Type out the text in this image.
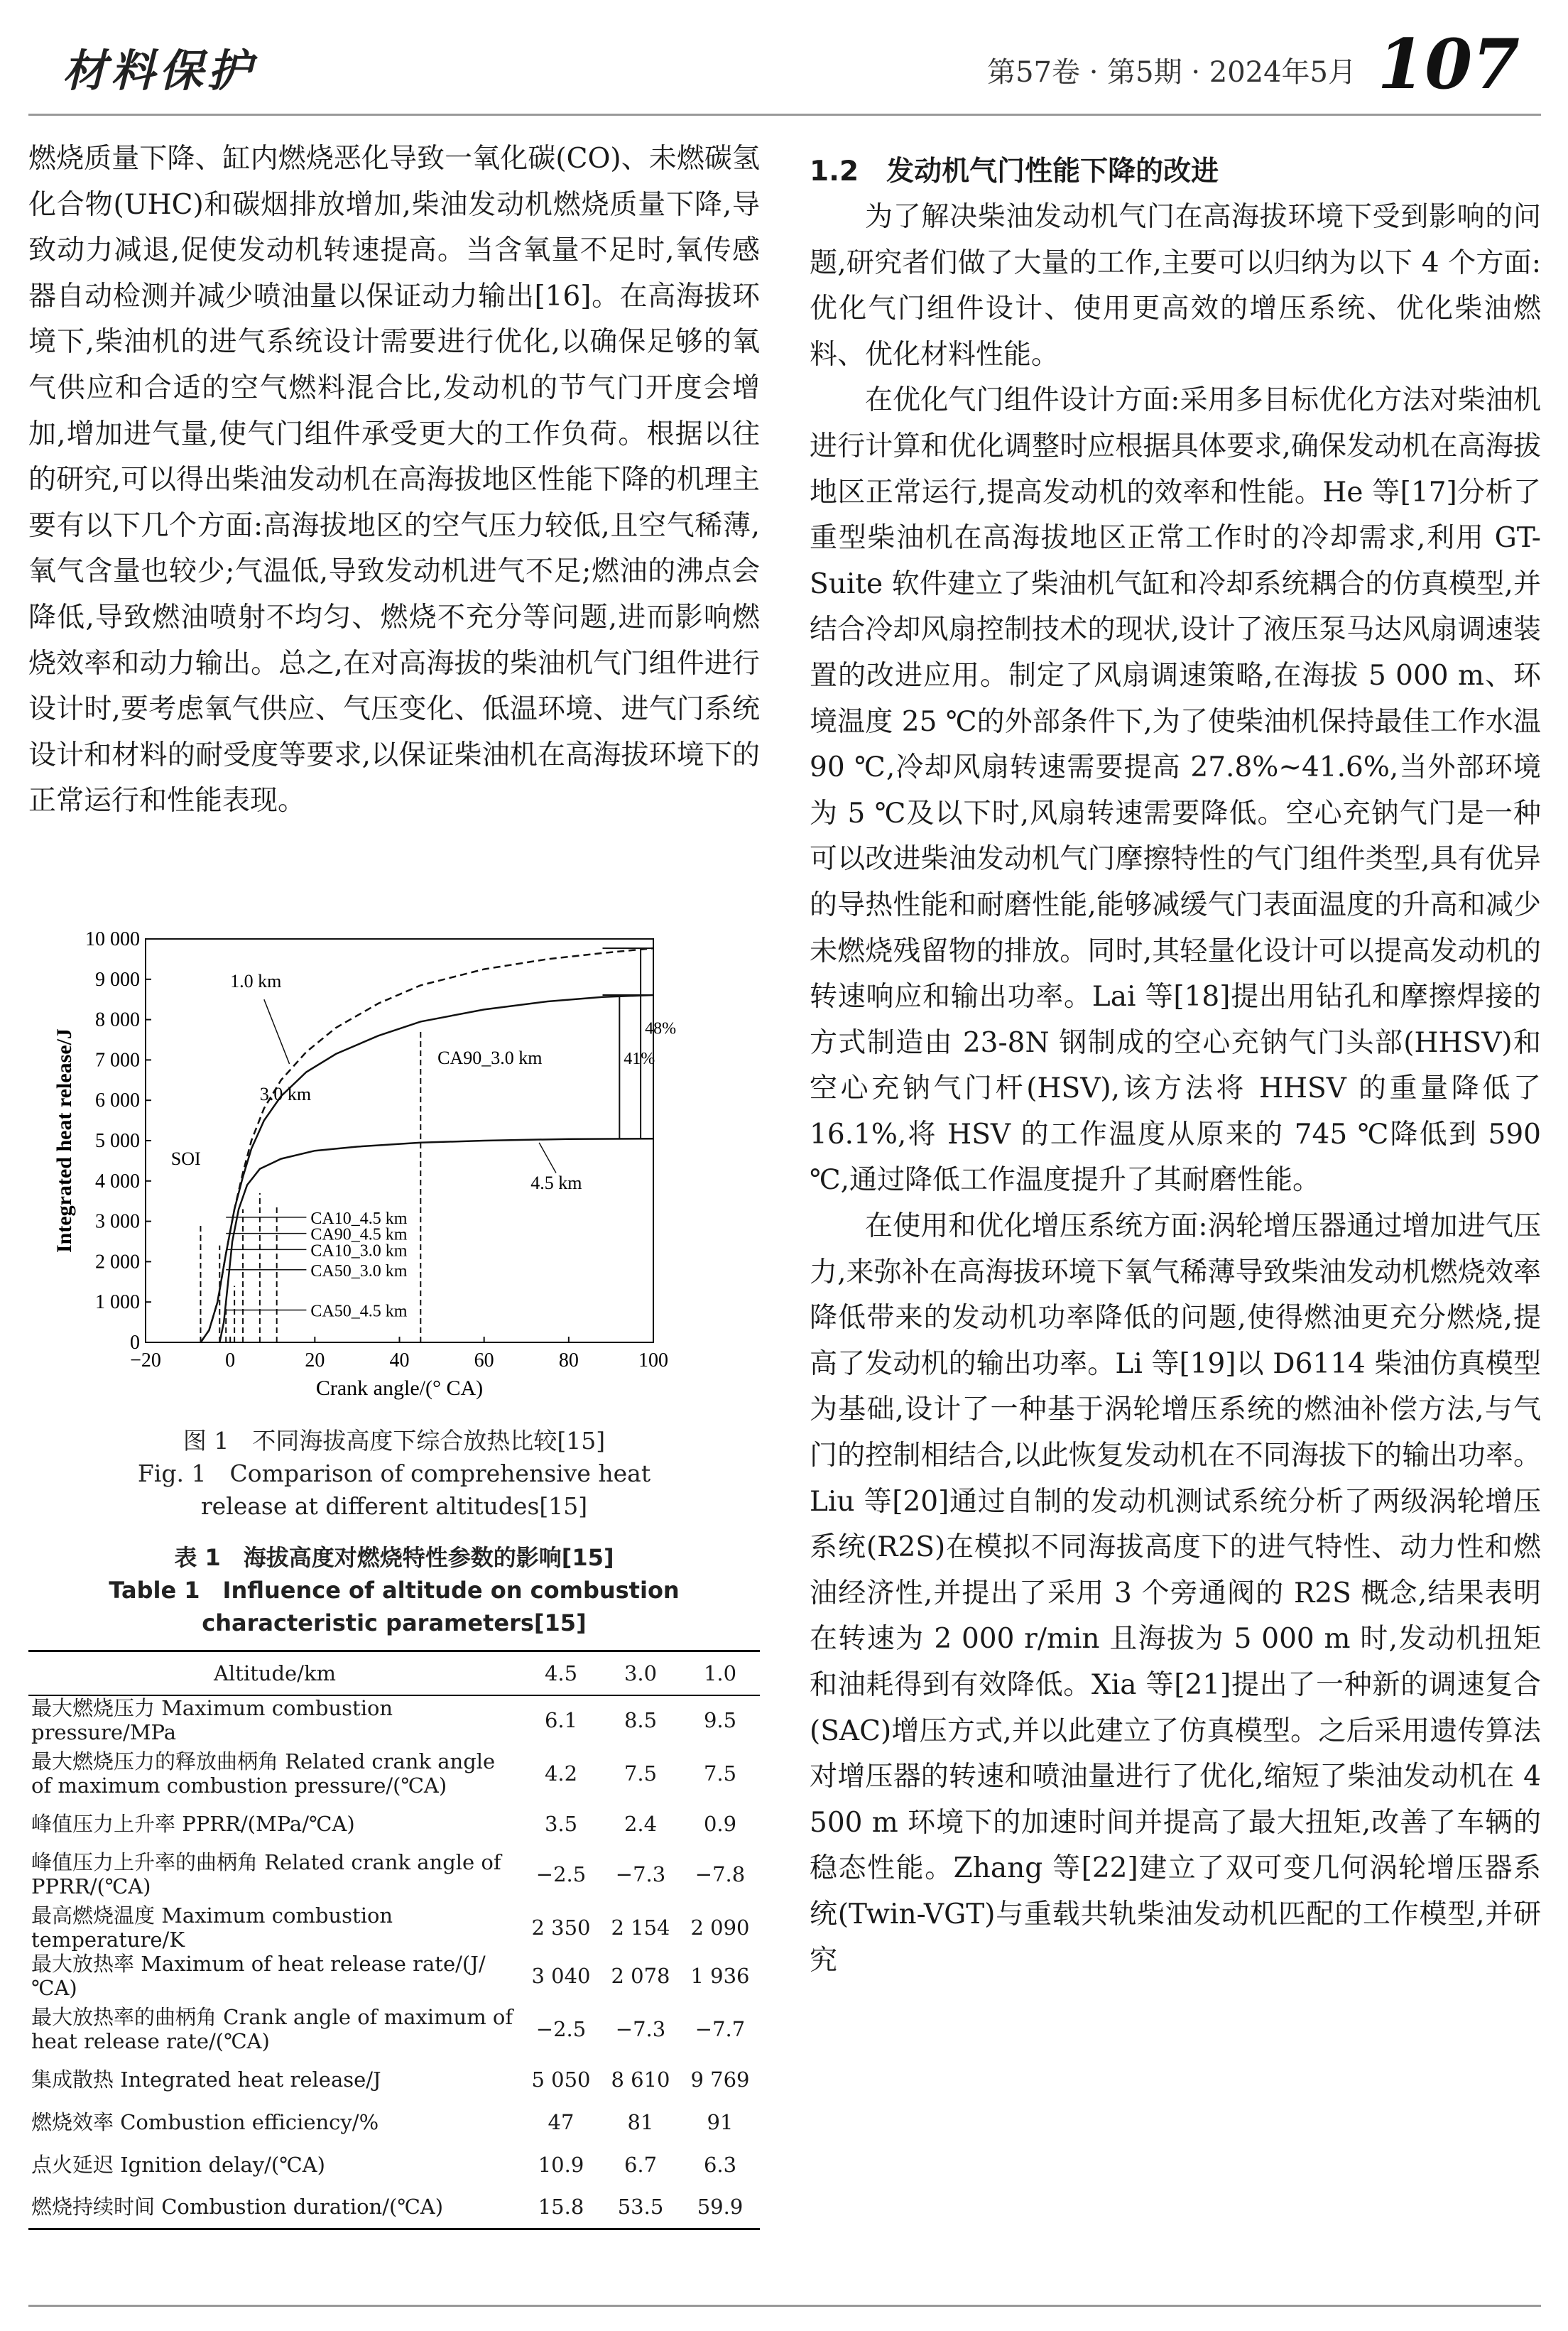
材料保护	第57卷 · 第5期 · 2024年5月 107

燃烧质量下降、缸内燃烧恶化导致一氧化碳(CO)、未燃碳氢化合物(UHC)和碳烟排放增加,柴油发动机燃烧质量下降,导致动力减退,促使发动机转速提高。当含氧量不足时,氧传感器自动检测并减少喷油量以保证动力输出[16]。在高海拔环境下,柴油机的进气系统设计需要进行优化,以确保足够的氧气供应和合适的空气燃料混合比,发动机的节气门开度会增加,增加进气量,使气门组件承受更大的工作负荷。根据以往的研究,可以得出柴油发动机在高海拔地区性能下降的机理主要有以下几个方面:高海拔地区的空气压力较低,且空气稀薄,氧气含量也较少;气温低,导致发动机进气不足;燃油的沸点会降低,导致燃油喷射不均匀、燃烧不充分等问题,进而影响燃烧效率和动力输出。总之,在对高海拔的柴油机气门组件进行设计时,要考虑氧气供应、气压变化、低温环境、进气门系统设计和材料的耐受度等要求,以保证柴油机在高海拔环境下的正常运行和性能表现。

0
1 000
2 000
3 000
4 000
5 000
6 000
7 000
8 000
9 000
10 000
−20	0	20	40	60	80	100
Crank angle/(° CA)
Integrated heat release/J	48%
41%
1.0 km
3.0 km
4.5 km
SOI
CA90_3.0 km
CA10_4.5 km
CA90_4.5 km
CA10_3.0 km
CA50_3.0 km
CA50_4.5 km
图 1　不同海拔高度下综合放热比较[15]
Fig. 1　Comparison of comprehensive heat
release at different altitudes[15]
表 1　海拔高度对燃烧特性参数的影响[15]
Table 1　Influence of altitude on combustion
characteristic parameters[15]
Altitude/km	4.5	3.0	1.0
最大燃烧压力 Maximum combustion pressure/MPa	6.1	8.5	9.5
最大燃烧压力的释放曲柄角 Related crank angle of maximum combustion pressure/(℃A)	4.2	7.5	7.5
峰值压力上升率 PPRR/(MPa/℃A)	3.5	2.4	0.9
峰值压力上升率的曲柄角 Related crank angle of PPRR/(℃A)	−2.5	−7.3	−7.8
最高燃烧温度 Maximum combustion temperature/K	2 350	2 154	2 090
最大放热率 Maximum of heat release rate/(J/℃A)	3 040	2 078	1 936
最大放热率的曲柄角 Crank angle of maximum of heat release rate/(℃A)	−2.5	−7.3	−7.7
集成散热 Integrated heat release/J	5 050	8 610	9 769
燃烧效率 Combustion efficiency/%	47	81	91
点火延迟 Ignition delay/(℃A)	10.9	6.7	6.3
燃烧持续时间 Combustion duration/(℃A)	15.8	53.5	59.9

1.2　发动机气门性能下降的改进

为了解决柴油发动机气门在高海拔环境下受到影响的问题,研究者们做了大量的工作,主要可以归纳为以下 4 个方面:优化气门组件设计、使用更高效的增压系统、优化柴油燃料、优化材料性能。

在优化气门组件设计方面:采用多目标优化方法对柴油机进行计算和优化调整时应根据具体要求,确保发动机在高海拔地区正常运行,提高发动机的效率和性能。He 等[17]分析了重型柴油机在高海拔地区正常工作时的冷却需求,利用 GT-Suite 软件建立了柴油机气缸和冷却系统耦合的仿真模型,并结合冷却风扇控制技术的现状,设计了液压泵马达风扇调速装置的改进应用。制定了风扇调速策略,在海拔 5 000 m、环境温度 25 ℃的外部条件下,为了使柴油机保持最佳工作水温 90 ℃,冷却风扇转速需要提高 27.8%~41.6%,当外部环境为 5 ℃及以下时,风扇转速需要降低。空心充钠气门是一种可以改进柴油发动机气门摩擦特性的气门组件类型,具有优异的导热性能和耐磨性能,能够减缓气门表面温度的升高和减少未燃烧残留物的排放。同时,其轻量化设计可以提高发动机的转速响应和输出功率。Lai 等[18]提出用钻孔和摩擦焊接的方式制造由 23-8N 钢制成的空心充钠气门头部(HHSV)和空心充钠气门杆(HSV),该方法将 HHSV 的重量降低了 16.1%,将 HSV 的工作温度从原来的 745 ℃降低到 590 ℃,通过降低工作温度提升了其耐磨性能。

在使用和优化增压系统方面:涡轮增压器通过增加进气压力,来弥补在高海拔环境下氧气稀薄导致柴油发动机燃烧效率降低带来的发动机功率降低的问题,使得燃油更充分燃烧,提高了发动机的输出功率。Li 等[19]以 D6114 柴油仿真模型为基础,设计了一种基于涡轮增压系统的燃油补偿方法,与气门的控制相结合,以此恢复发动机在不同海拔下的输出功率。Liu 等[20]通过自制的发动机测试系统分析了两级涡轮增压系统(R2S)在模拟不同海拔高度下的进气特性、动力性和燃油经济性,并提出了采用 3 个旁通阀的 R2S 概念,结果表明在转速为 2 000 r/min 且海拔为 5 000 m 时,发动机扭矩和油耗得到有效降低。Xia 等[21]提出了一种新的调速复合(SAC)增压方式,并以此建立了仿真模型。之后采用遗传算法对增压器的转速和喷油量进行了优化,缩短了柴油发动机在 4 500 m 环境下的加速时间并提高了最大扭矩,改善了车辆的稳态性能。Zhang 等[22]建立了双可变几何涡轮增压器系统(Twin-VGT)与重载共轨柴油发动机匹配的工作模型,并研究
